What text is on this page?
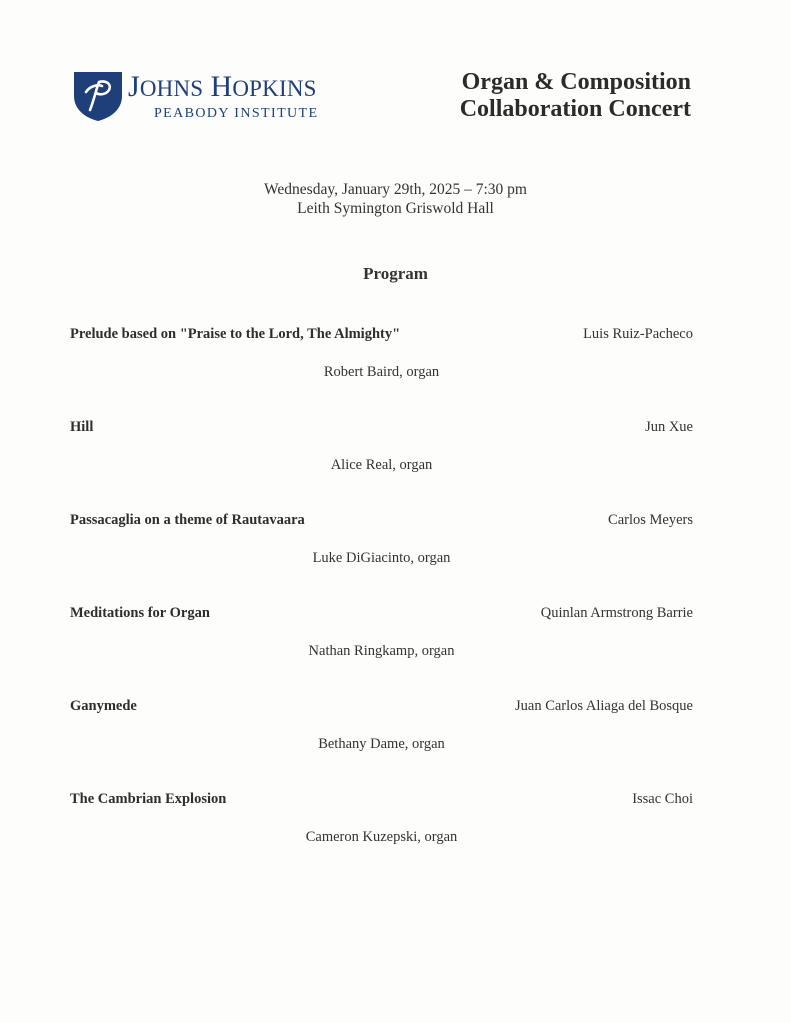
JOHNS HOPKINS
PEABODY INSTITUTE
Organ & Composition
Collaboration Concert
Wednesday, January 29th, 2025 – 7:30 pm
Leith Symington Griswold Hall
Program
Prelude based on "Praise to the Lord, The Almighty"	Luis Ruiz-Pacheco
Robert Baird, organ
Hill	Jun Xue
Alice Real, organ
Passacaglia on a theme of Rautavaara	Carlos Meyers
Luke DiGiacinto, organ
Meditations for Organ	Quinlan Armstrong Barrie
Nathan Ringkamp, organ
Ganymede	Juan Carlos Aliaga del Bosque
Bethany Dame, organ
The Cambrian Explosion	Issac Choi
Cameron Kuzepski, organ
